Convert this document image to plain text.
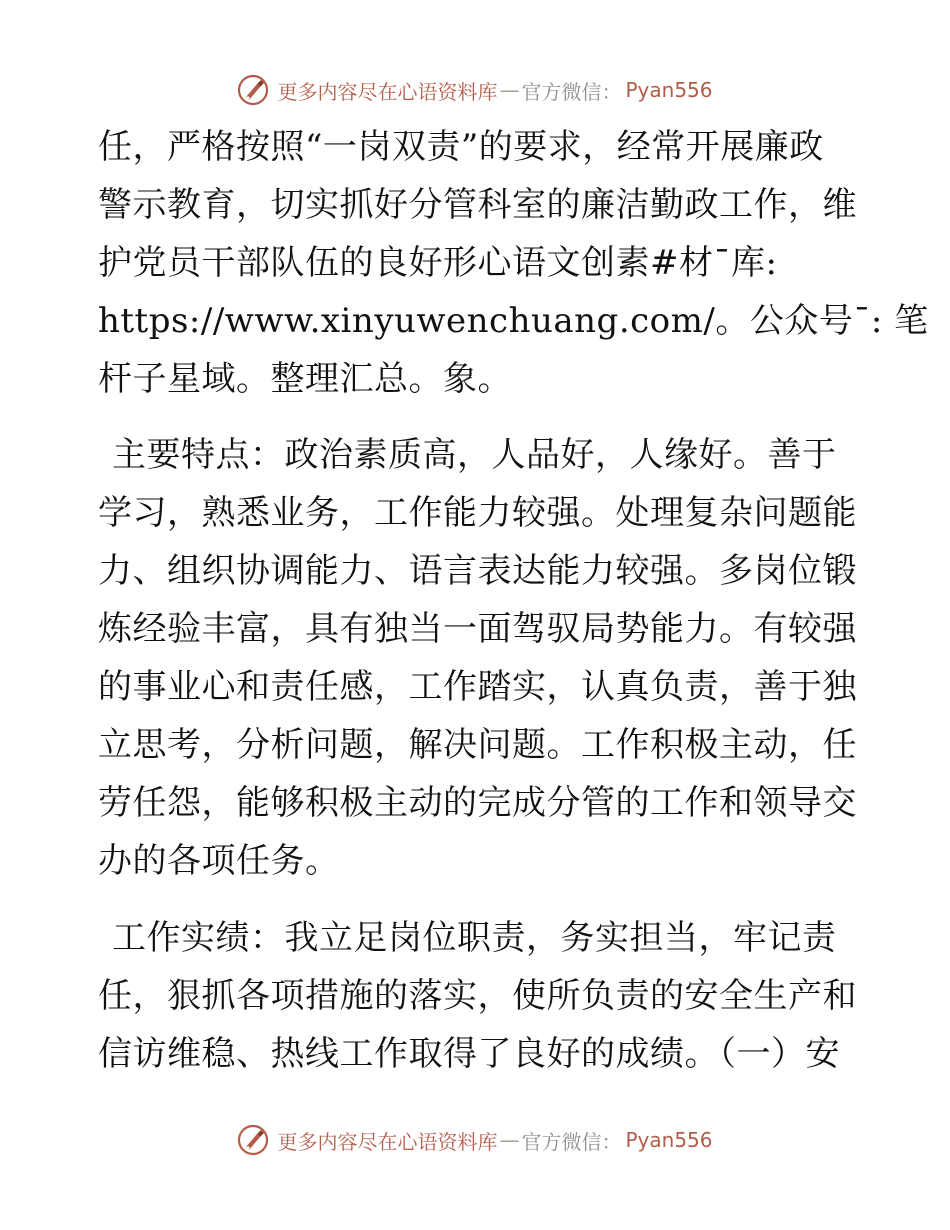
更多内容尽在心语资料库 — 官方微信： Pyan556
任，严格按照“一岗双责”的要求，经常开展廉政
警示教育，切实抓好分管科室的廉洁勤政工作，维
护党员干部队伍的良好形心语文创素#材¯库:
https://www.xinyuwenchuang.com/。公众号¯: 笔
杆子星域。整理汇总。象。
主要特点：政治素质高，人品好，人缘好。善于
学习，熟悉业务，工作能力较强。处理复杂问题能
力、组织协调能力、语言表达能力较强。多岗位锻
炼经验丰富，具有独当一面驾驭局势能力。有较强
的事业心和责任感，工作踏实，认真负责，善于独
立思考，分析问题，解决问题。工作积极主动，任
劳任怨，能够积极主动的完成分管的工作和领导交
办的各项任务。
工作实绩：我立足岗位职责，务实担当，牢记责
任，狠抓各项措施的落实，使所负责的安全生产和
信访维稳、热线工作取得了良好的成绩。（一）安
更多内容尽在心语资料库 — 官方微信： Pyan556
